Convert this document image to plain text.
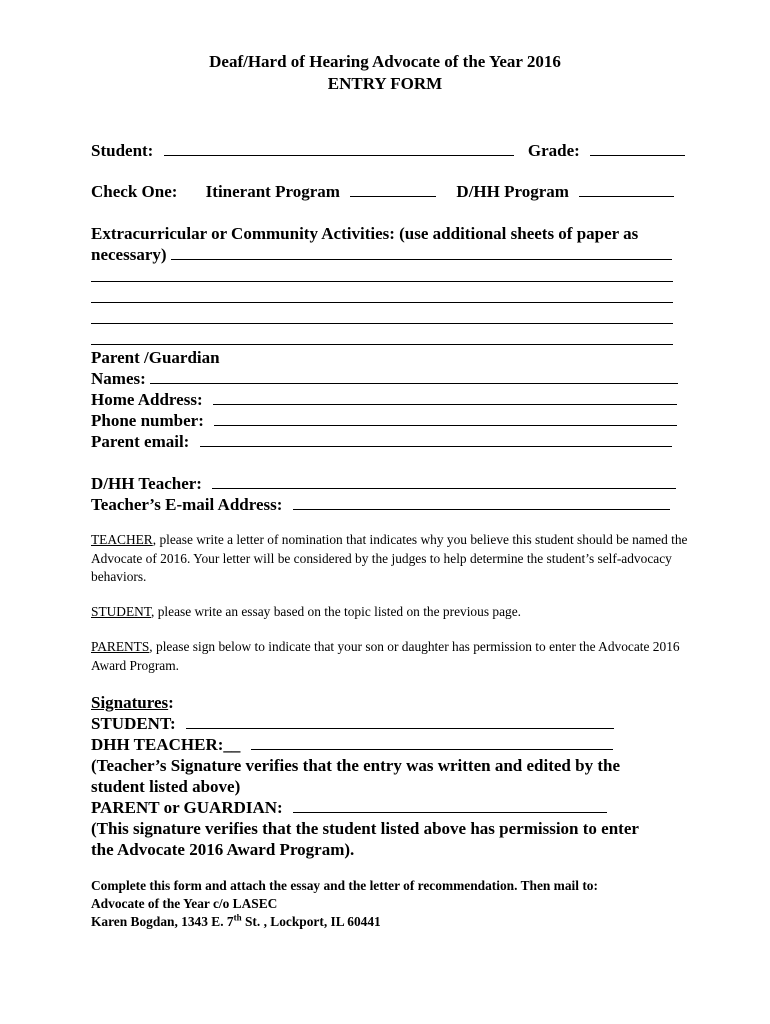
Deaf/Hard of Hearing Advocate of the Year 2016
ENTRY FORM
Student:	Grade:
Check One: Itinerant Program	D/HH Program
Extracurricular or Community Activities: (use additional sheets of paper as
necessary)
Parent /Guardian
Names:
Home Address:
Phone number:
Parent email:
D/HH Teacher:
Teacher’s E-mail Address:
TEACHER, please write a letter of nomination that indicates why you believe this student should be named the Advocate of 2016. Your letter will be considered by the judges to help determine the student’s self-advocacy behaviors.
STUDENT, please write an essay based on the topic listed on the previous page.
PARENTS, please sign below to indicate that your son or daughter has permission to enter the Advocate 2016 Award Program.
Signatures:
STUDENT:
DHH TEACHER:__
(Teacher’s Signature verifies that the entry was written and edited by the
student listed above)
PARENT or GUARDIAN:
(This signature verifies that the student listed above has permission to enter
the Advocate 2016 Award Program).
Complete this form and attach the essay and the letter of recommendation. Then mail to:
Advocate of the Year c/o LASEC
Karen Bogdan, 1343 E. 7th St. , Lockport, IL 60441
